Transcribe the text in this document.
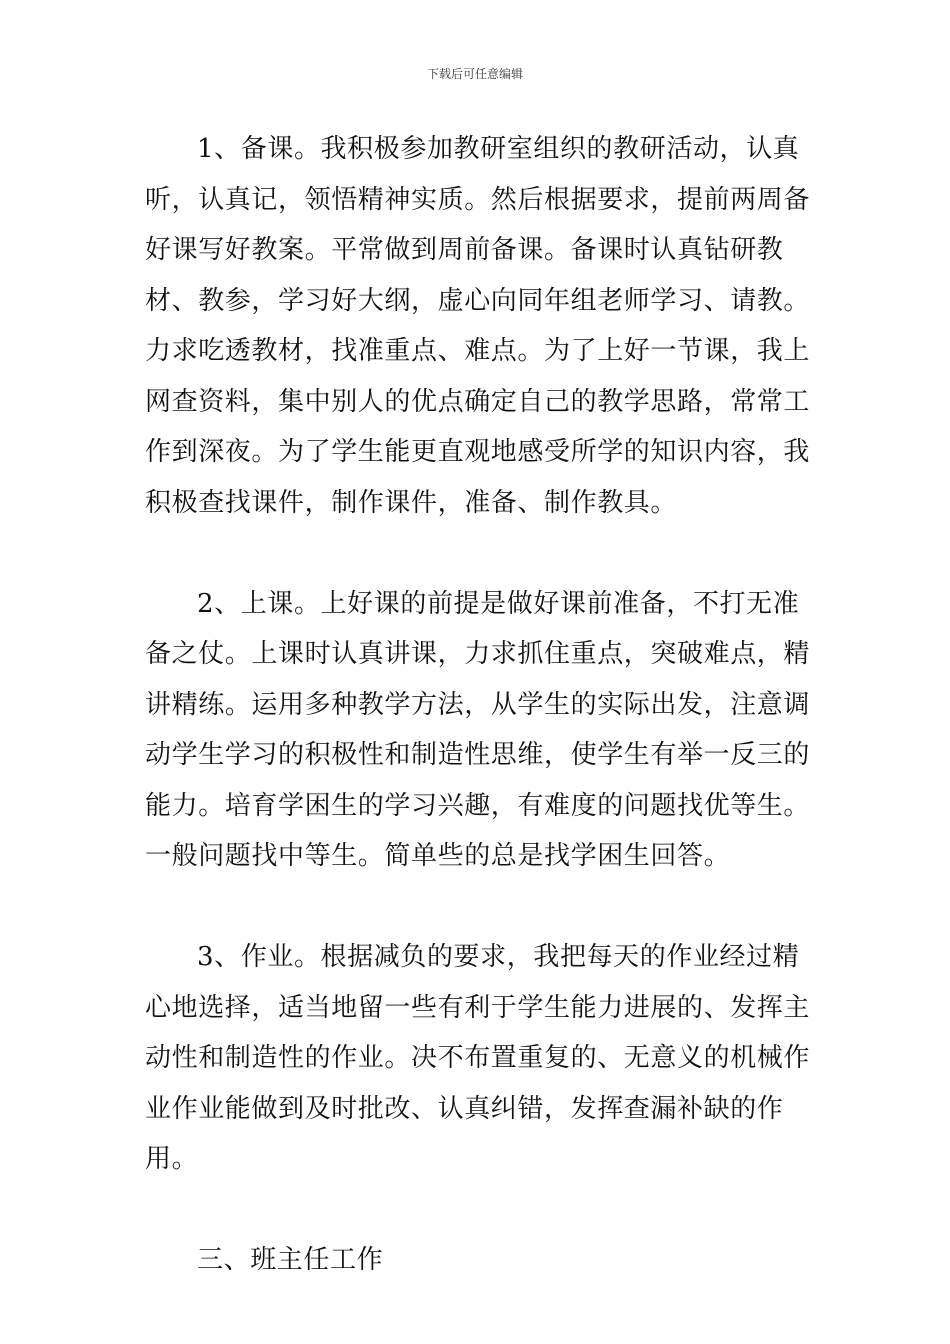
下载后可任意编辑

1、备课。我积极参加教研室组织的教研活动，认真听，认真记，领悟精神实质。然后根据要求，提前两周备好课写好教案。平常做到周前备课。备课时认真钻研教材、教参，学习好大纲，虚心向同年组老师学习、请教。力求吃透教材，找准重点、难点。为了上好一节课，我上网查资料，集中别人的优点确定自己的教学思路，常常工作到深夜。为了学生能更直观地感受所学的知识内容，我积极查找课件，制作课件，准备、制作教具。

2、上课。上好课的前提是做好课前准备，不打无准备之仗。上课时认真讲课，力求抓住重点，突破难点，精讲精练。运用多种教学方法，从学生的实际出发，注意调动学生学习的积极性和制造性思维，使学生有举一反三的能力。培育学困生的学习兴趣，有难度的问题找优等生。一般问题找中等生。简单些的总是找学困生回答。

3、作业。根据减负的要求，我把每天的作业经过精心地选择，适当地留一些有利于学生能力进展的、发挥主动性和制造性的作业。决不布置重复的、无意义的机械作业作业能做到及时批改、认真纠错，发挥查漏补缺的作用。

三、班主任工作
